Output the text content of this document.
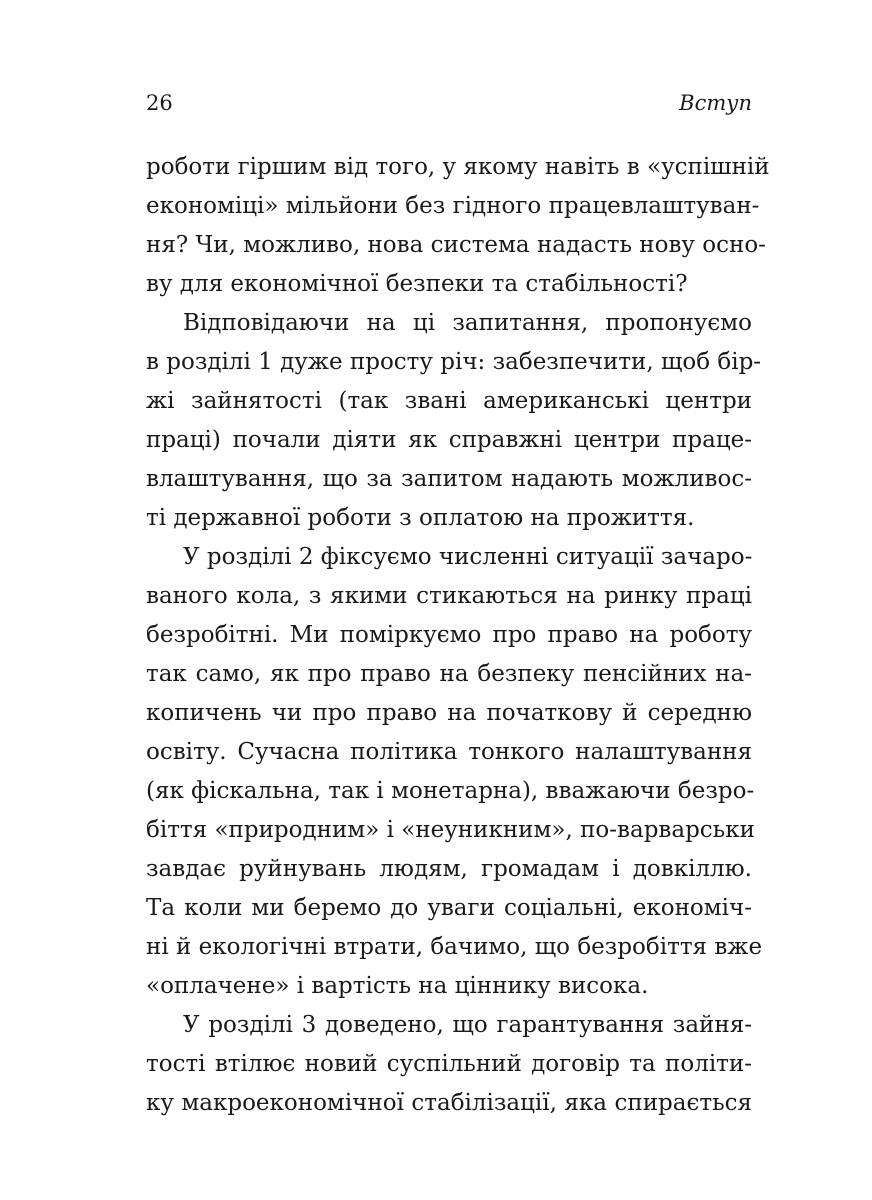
26	Вступ
роботи гіршим від того, у якому навіть в «успішній
економіці» мільйони без гідного працевлаштуван-
ня? Чи, можливо, нова система надасть нову осно-
ву для економічної безпеки та стабільності?
Відповідаючи на ці запитання, пропонуємо
в розділі 1 дуже просту річ: забезпечити, щоб бір-
жі зайнятості (так звані американські центри
праці) почали діяти як справжні центри праце-
влаштування, що за запитом надають можливос-
ті державної роботи з оплатою на прожиття.
У розділі 2 фіксуємо численні ситуації зачаро-
ваного кола, з якими стикаються на ринку праці
безробітні. Ми поміркуємо про право на роботу
так само, як про право на безпеку пенсійних на-
копичень чи про право на початкову й середню
освіту. Сучасна політика тонкого налаштування
(як фіскальна, так і монетарна), вважаючи безро-
біття «природним» і «неуникним», по-варварськи
завдає руйнувань людям, громадам і довкіллю.
Та коли ми беремо до уваги соціальні, економіч-
ні й екологічні втрати, бачимо, що безробіття вже
«оплачене» і вартість на ціннику висока.
У розділі 3 доведено, що гарантування зайня-
тості втілює новий суспільний договір та політи-
ку макроекономічної стабілізації, яка спирається
